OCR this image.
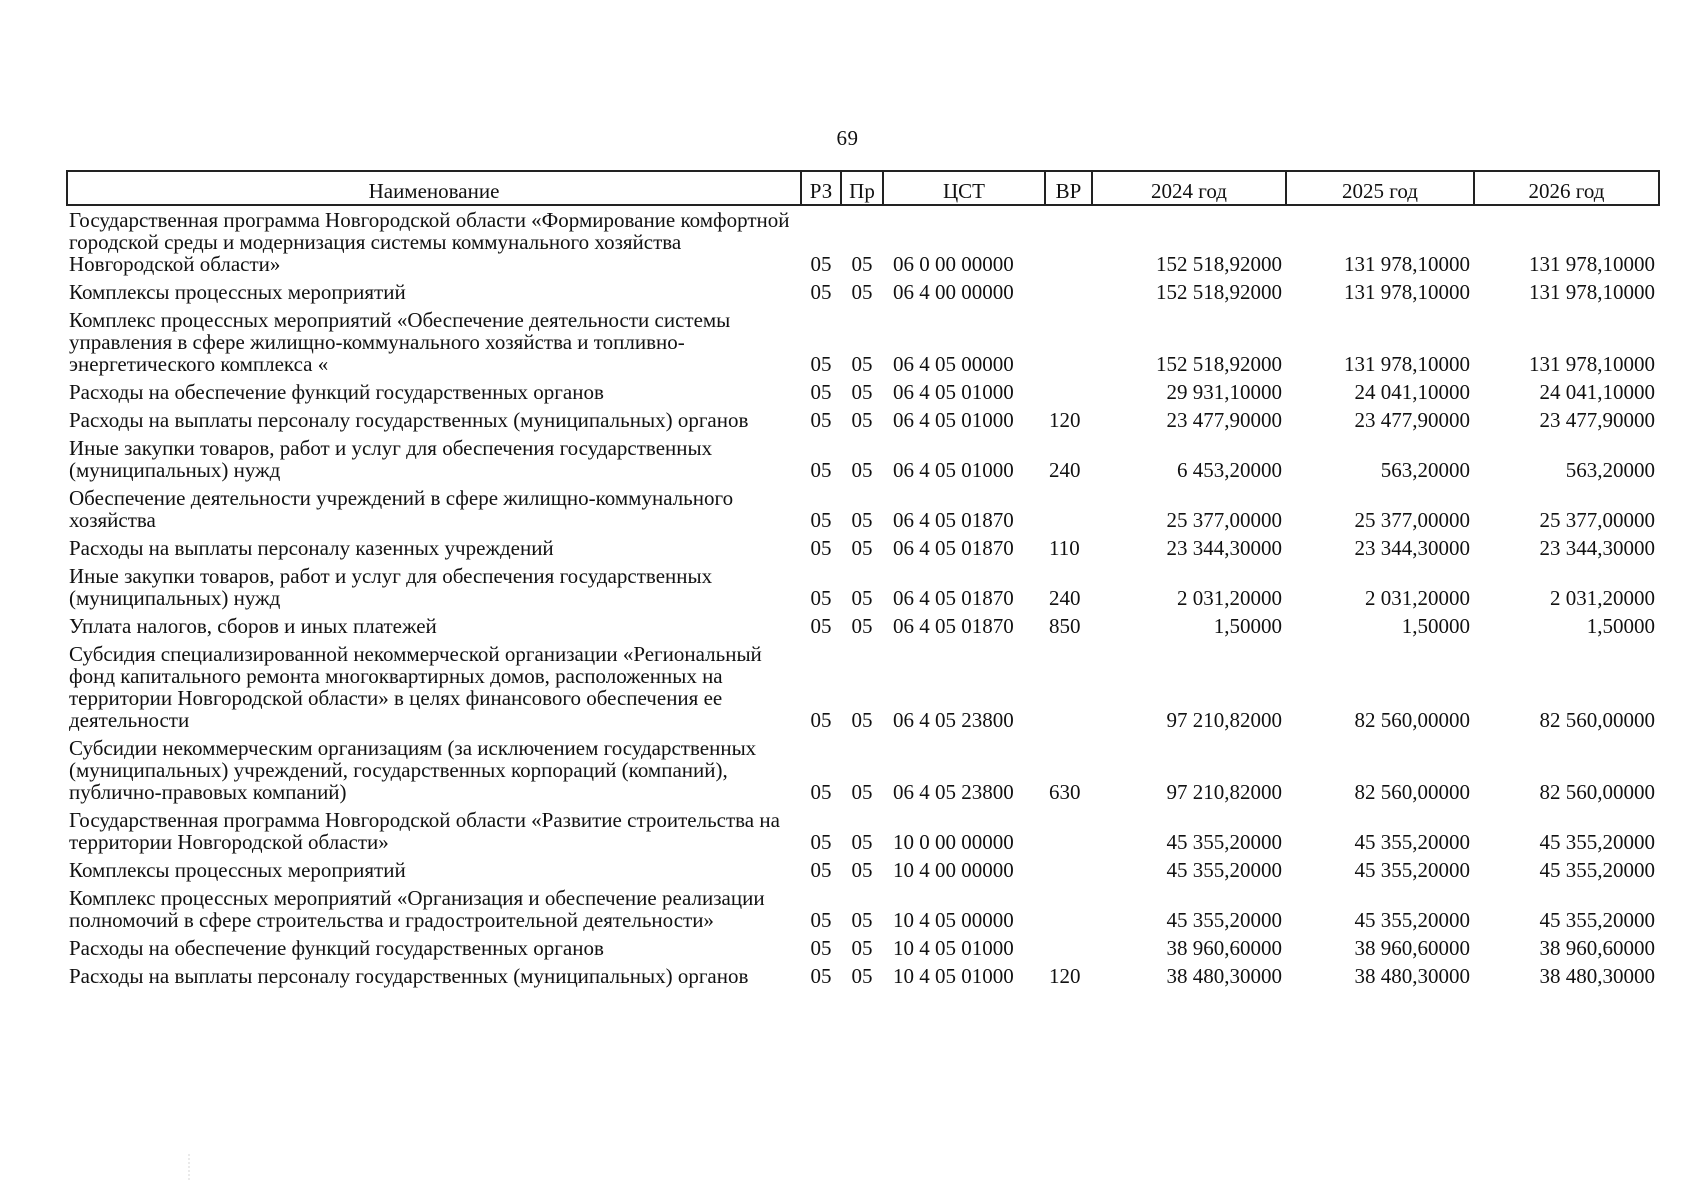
69
Наименование	РЗ	Пр	ЦСТ	ВР	2024 год	2025 год	2026 год
Государственная программа Новгородской области «Формирование комфортной городской среды и модернизация системы коммунального хозяйства Новгородской области»	05	05	06 0 00 00000		152 518,92000	131 978,10000	131 978,10000
Комплексы процессных мероприятий	05	05	06 4 00 00000		152 518,92000	131 978,10000	131 978,10000
Комплекс процессных мероприятий «Обеспечение деятельности системы управления в сфере жилищно-коммунального хозяйства и топливно-энергетического комплекса «	05	05	06 4 05 00000		152 518,92000	131 978,10000	131 978,10000
Расходы на обеспечение функций государственных органов	05	05	06 4 05 01000		29 931,10000	24 041,10000	24 041,10000
Расходы на выплаты персоналу государственных (муниципальных) органов	05	05	06 4 05 01000	120	23 477,90000	23 477,90000	23 477,90000
Иные закупки товаров, работ и услуг для обеспечения государственных (муниципальных) нужд	05	05	06 4 05 01000	240	6 453,20000	563,20000	563,20000
Обеспечение деятельности учреждений в сфере жилищно-коммунального хозяйства	05	05	06 4 05 01870		25 377,00000	25 377,00000	25 377,00000
Расходы на выплаты персоналу казенных учреждений	05	05	06 4 05 01870	110	23 344,30000	23 344,30000	23 344,30000
Иные закупки товаров, работ и услуг для обеспечения государственных (муниципальных) нужд	05	05	06 4 05 01870	240	2 031,20000	2 031,20000	2 031,20000
Уплата налогов, сборов и иных платежей	05	05	06 4 05 01870	850	1,50000	1,50000	1,50000
Субсидия специализированной некоммерческой организации «Региональный фонд капитального ремонта многоквартирных домов, расположенных на территории Новгородской области» в целях финансового обеспечения ее деятельности	05	05	06 4 05 23800		97 210,82000	82 560,00000	82 560,00000
Субсидии некоммерческим организациям (за исключением государственных (муниципальных) учреждений, государственных корпораций (компаний), публично-правовых компаний)	05	05	06 4 05 23800	630	97 210,82000	82 560,00000	82 560,00000
Государственная программа Новгородской области «Развитие строительства на территории Новгородской области»	05	05	10 0 00 00000		45 355,20000	45 355,20000	45 355,20000
Комплексы процессных мероприятий	05	05	10 4 00 00000		45 355,20000	45 355,20000	45 355,20000
Комплекс процессных мероприятий «Организация и обеспечение реализации полномочий в сфере строительства и градостроительной деятельности»	05	05	10 4 05 00000		45 355,20000	45 355,20000	45 355,20000
Расходы на обеспечение функций государственных органов	05	05	10 4 05 01000		38 960,60000	38 960,60000	38 960,60000
Расходы на выплаты персоналу государственных (муниципальных) органов	05	05	10 4 05 01000	120	38 480,30000	38 480,30000	38 480,30000
